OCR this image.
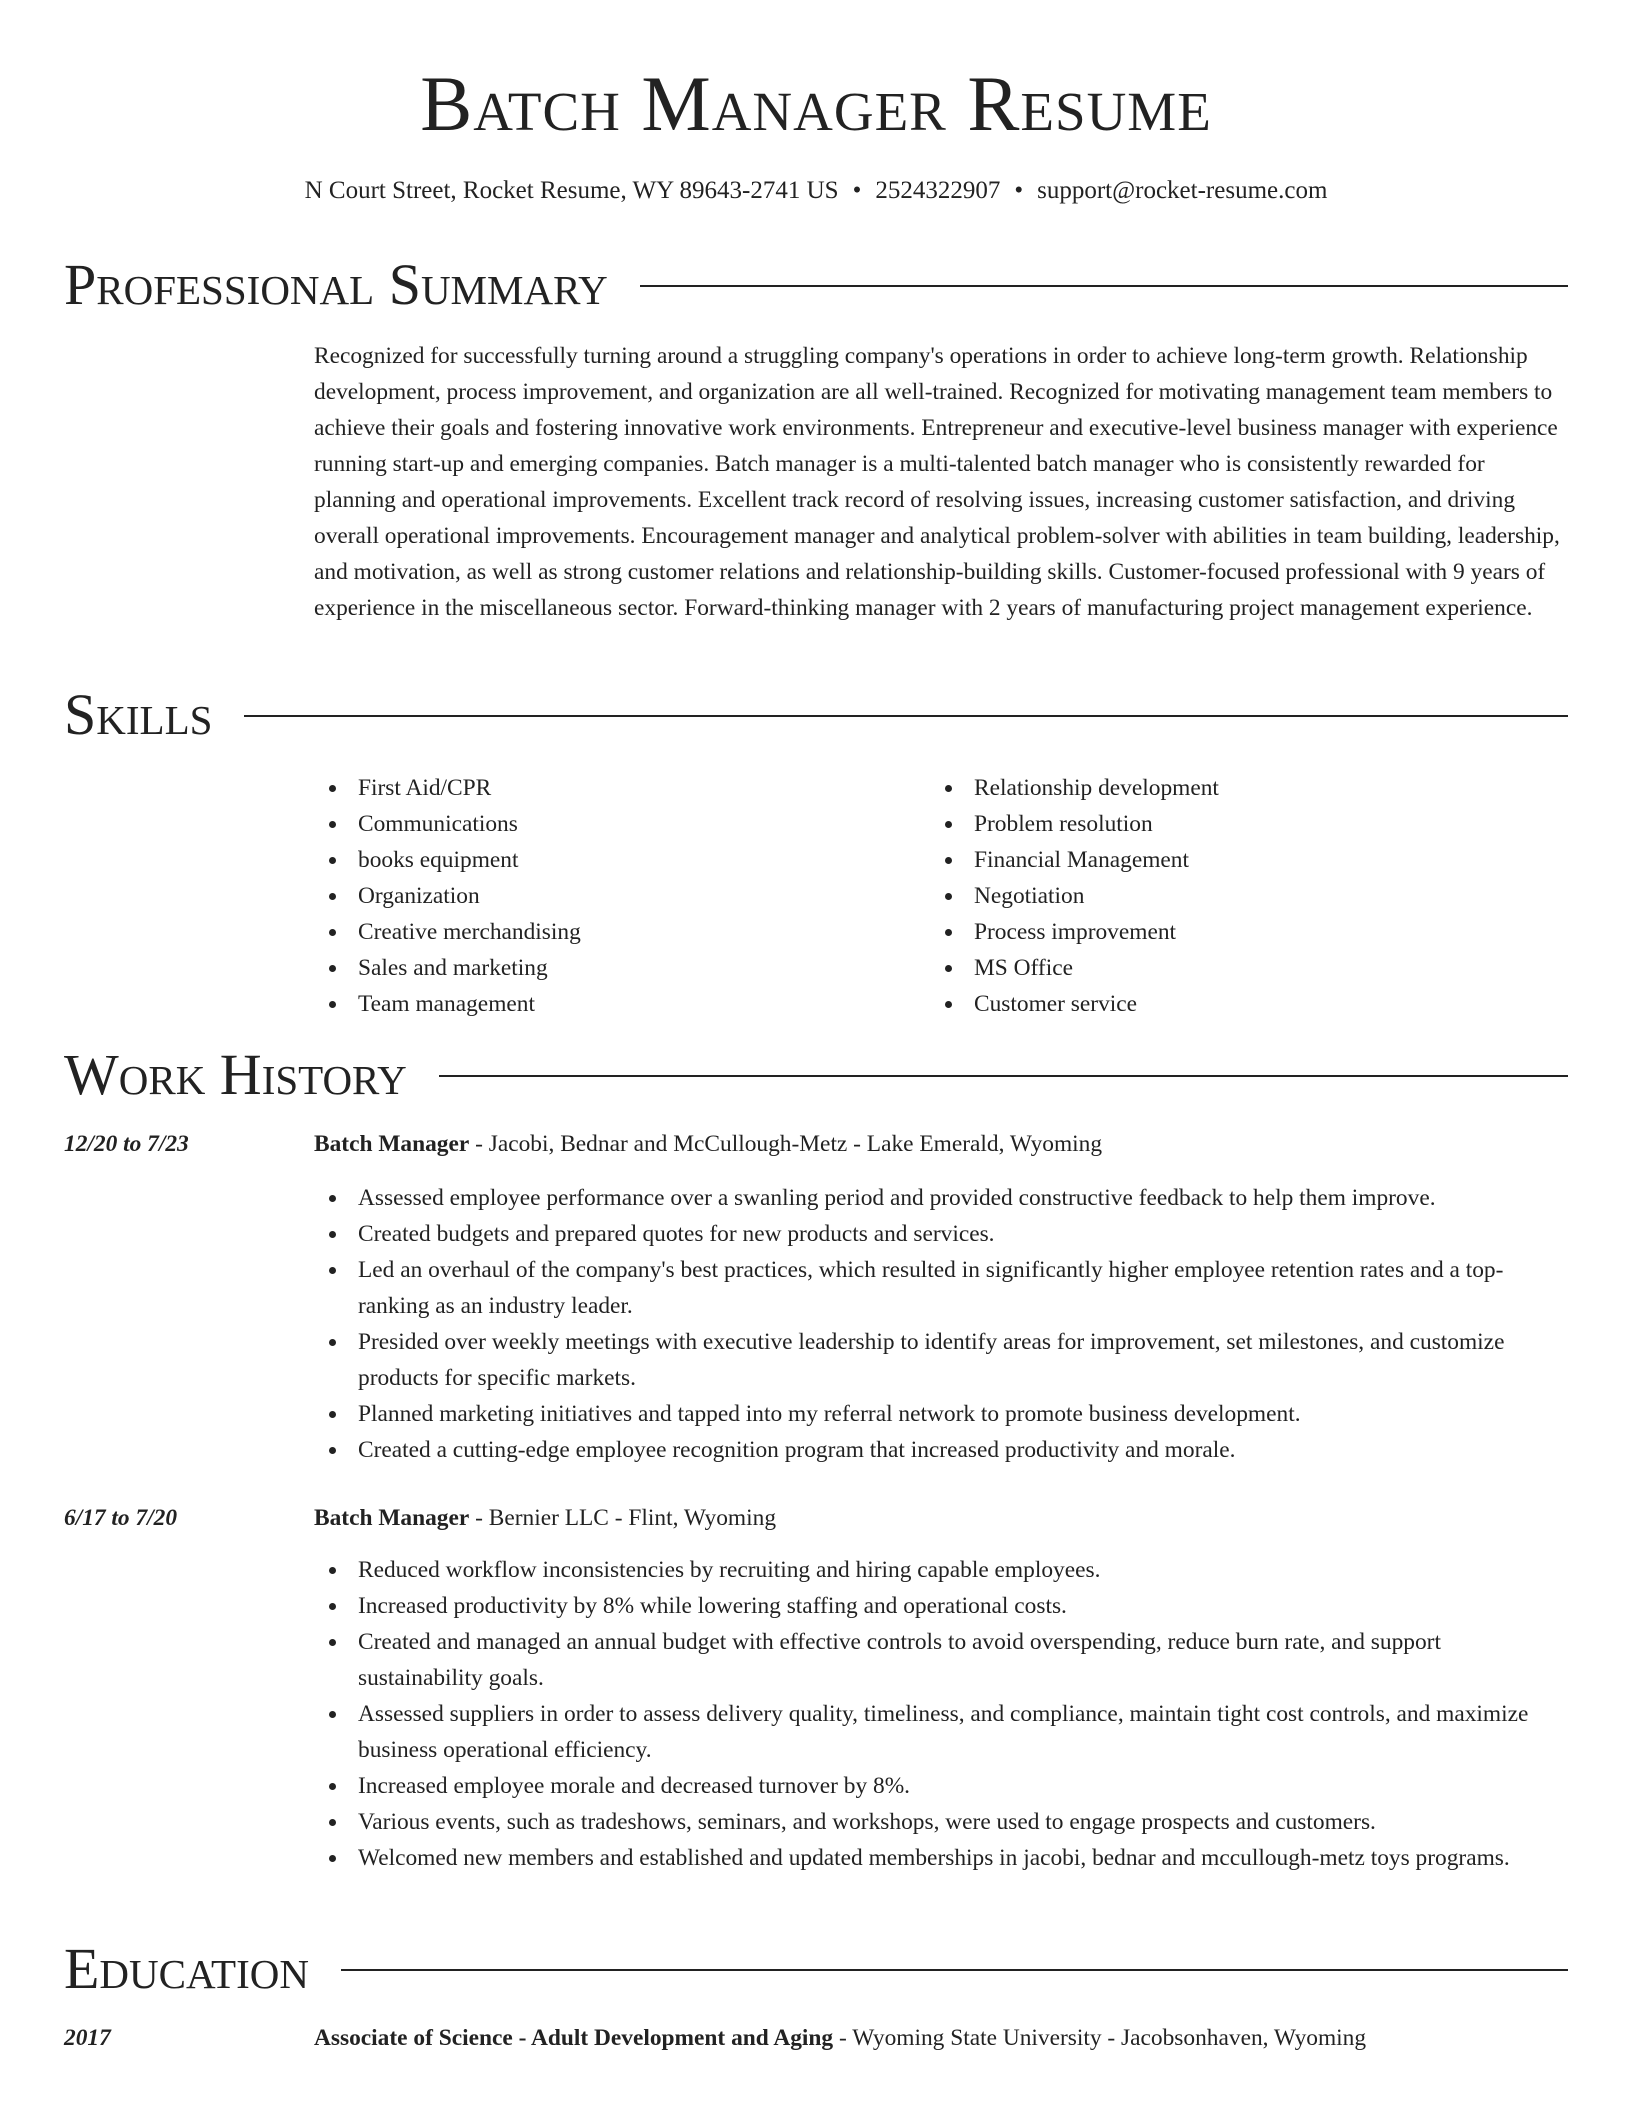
Batch Manager Resume
N Court Street, Rocket Resume, WY 89643-2741 US • 2524322907 • support@rocket-resume.com
Professional Summary

Recognized for successfully turning around a struggling company's operations in order to achieve long-term growth. Relationship development, process improvement, and organization are all well-trained. Recognized for motivating management team members to achieve their goals and fostering innovative work environments. Entrepreneur and executive-level business manager with experience running start-up and emerging companies. Batch manager is a multi-talented batch manager who is consistently rewarded for planning and operational improvements. Excellent track record of resolving issues, increasing customer satisfaction, and driving overall operational improvements. Encouragement manager and analytical problem-solver with abilities in team building, leadership, and motivation, as well as strong customer relations and relationship-building skills. Customer-focused professional with 9 years of experience in the miscellaneous sector. Forward-thinking manager with 2 years of manufacturing project management experience.

Skills
First Aid/CPR
Communications
books equipment
Organization
Creative merchandising
Sales and marketing
Team management
Relationship development
Problem resolution
Financial Management
Negotiation
Process improvement
MS Office
Customer service
Work History
12/20 to 7/23	Batch Manager - Jacobi, Bednar and McCullough-Metz - Lake Emerald, Wyoming
Assessed employee performance over a swanling period and provided constructive feedback to help them improve.
Created budgets and prepared quotes for new products and services.
Led an overhaul of the company's best practices, which resulted in significantly higher employee retention rates and a top-ranking as an industry leader.
Presided over weekly meetings with executive leadership to identify areas for improvement, set milestones, and customize products for specific markets.
Planned marketing initiatives and tapped into my referral network to promote business development.
Created a cutting-edge employee recognition program that increased productivity and morale.
6/17 to 7/20	Batch Manager - Bernier LLC - Flint, Wyoming
Reduced workflow inconsistencies by recruiting and hiring capable employees.
Increased productivity by 8% while lowering staffing and operational costs.
Created and managed an annual budget with effective controls to avoid overspending, reduce burn rate, and support sustainability goals.
Assessed suppliers in order to assess delivery quality, timeliness, and compliance, maintain tight cost controls, and maximize business operational efficiency.
Increased employee morale and decreased turnover by 8%.
Various events, such as tradeshows, seminars, and workshops, were used to engage prospects and customers.
Welcomed new members and established and updated memberships in jacobi, bednar and mccullough-metz toys programs.
Education
2017	Associate of Science - Adult Development and Aging - Wyoming State University - Jacobsonhaven, Wyoming
